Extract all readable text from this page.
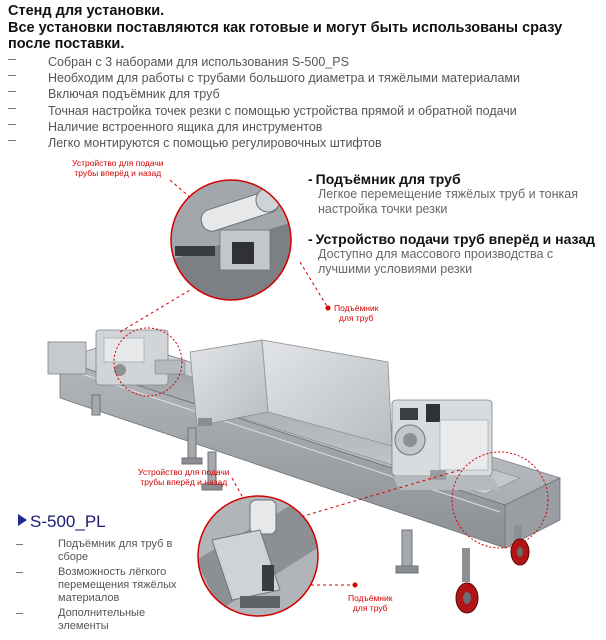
Стенд для установки.
Все установки поставляются как готовые и могут быть использованы сразу
после поставки.
Собран с 3 наборами для использования S-500_PS
Необходим для работы с трубами большого диаметра и тяжёлыми материалами
Включая подъёмник для труб
Точная настройка точек резки с помощью устройства прямой и обратной подачи
Наличие встроенного ящика для инструментов
Легко монтируются с помощью регулировочных штифтов
Устройство для подачи
трубы вперёд и назад
Подъёмник
для труб
Устройство для подачи
трубы вперёд и назад
Подъёмник
для труб
- Подъёмник для труб
Легкое перемещение тяжёлых труб и тонкая
настройка точки резки
- Устройство подачи труб вперёд и назад
Доступно для массового производства с
лучшими условиями резки
S-500_PL
Подъёмник для труб в сборе
Возможность лёгкого перемещения тяжёлых материалов
Дополнительные элементы
